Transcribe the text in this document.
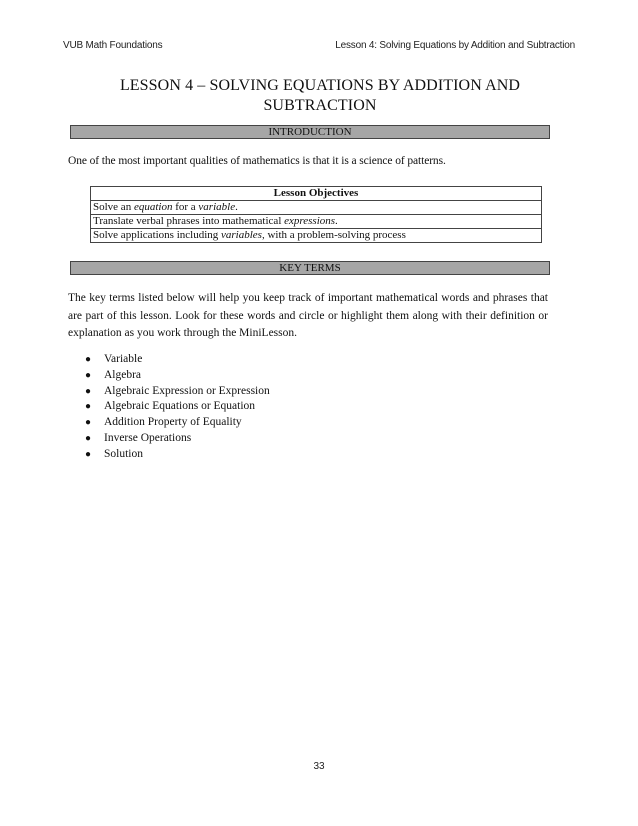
VUB Math Foundations	Lesson 4: Solving Equations by Addition and Subtraction
LESSON 4 – SOLVING EQUATIONS BY ADDITION AND
SUBTRACTION
INTRODUCTION
One of the most important qualities of mathematics is that it is a science of patterns.
Lesson Objectives
Solve an equation for a variable.
Translate verbal phrases into mathematical expressions.
Solve applications including variables, with a problem-solving process
KEY TERMS
The key terms listed below will help you keep track of important mathematical words and phrases that are part of this lesson. Look for these words and circle or highlight them along with their definition or explanation as you work through the MiniLesson.
● Variable
● Algebra
● Algebraic Expression or Expression
● Algebraic Equations or Equation
● Addition Property of Equality
● Inverse Operations
● Solution
33
